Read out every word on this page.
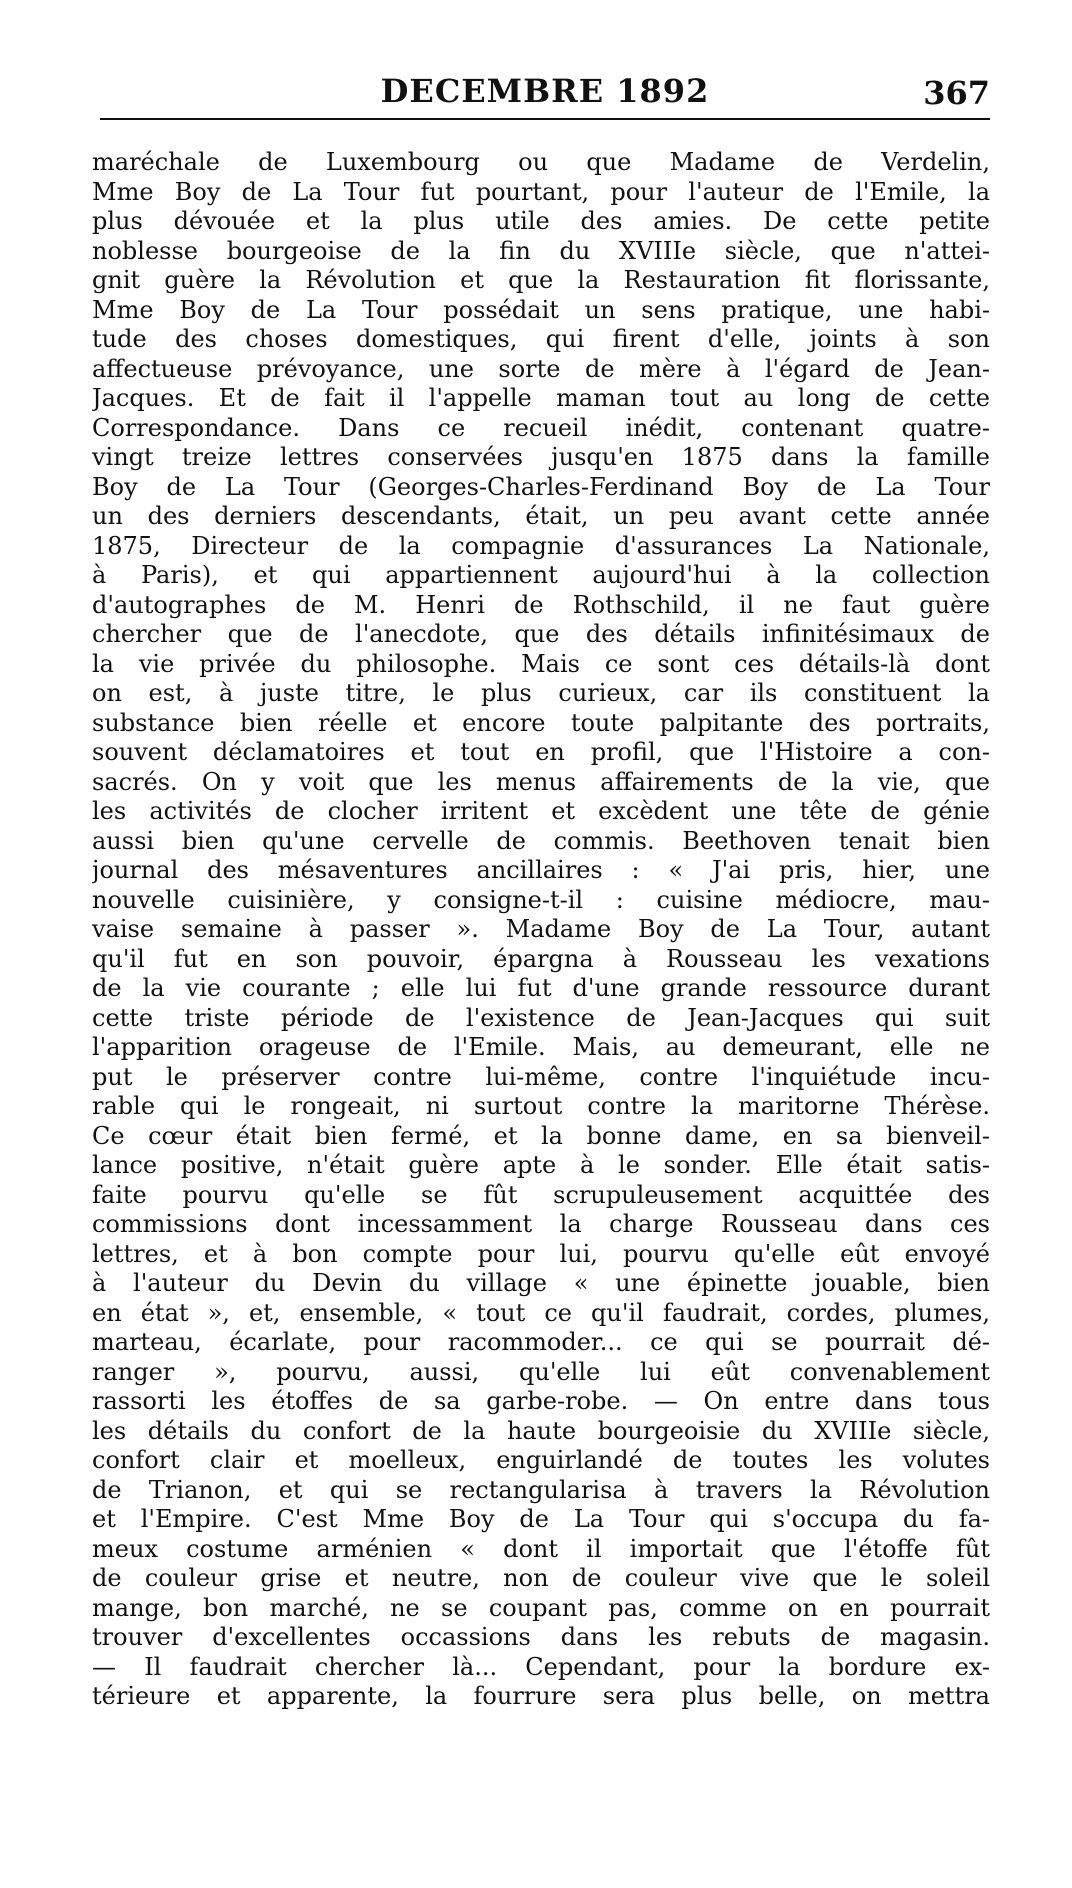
DECEMBRE 1892	367
maréchale de Luxembourg ou que Madame de Verdelin,
Mme Boy de La Tour fut pourtant, pour l'auteur de l'Emile, la
plus dévouée et la plus utile des amies. De cette petite
noblesse bourgeoise de la fin du XVIIIe siècle, que n'attei-
gnit guère la Révolution et que la Restauration fit florissante,
Mme Boy de La Tour possédait un sens pratique, une habi-
tude des choses domestiques, qui firent d'elle, joints à son
affectueuse prévoyance, une sorte de mère à l'égard de Jean-
Jacques. Et de fait il l'appelle maman tout au long de cette
Correspondance. Dans ce recueil inédit, contenant quatre-
vingt treize lettres conservées jusqu'en 1875 dans la famille
Boy de La Tour (Georges-Charles-Ferdinand Boy de La Tour
un des derniers descendants, était, un peu avant cette année
1875, Directeur de la compagnie d'assurances La Nationale,
à Paris), et qui appartiennent aujourd'hui à la collection
d'autographes de M. Henri de Rothschild, il ne faut guère
chercher que de l'anecdote, que des détails infinitésimaux de
la vie privée du philosophe. Mais ce sont ces détails-là dont
on est, à juste titre, le plus curieux, car ils constituent la
substance bien réelle et encore toute palpitante des portraits,
souvent déclamatoires et tout en profil, que l'Histoire a con-
sacrés. On y voit que les menus affairements de la vie, que
les activités de clocher irritent et excèdent une tête de génie
aussi bien qu'une cervelle de commis. Beethoven tenait bien
journal des mésaventures ancillaires : « J'ai pris, hier, une
nouvelle cuisinière, y consigne-t-il : cuisine médiocre, mau-
vaise semaine à passer ». Madame Boy de La Tour, autant
qu'il fut en son pouvoir, épargna à Rousseau les vexations
de la vie courante ; elle lui fut d'une grande ressource durant
cette triste période de l'existence de Jean-Jacques qui suit
l'apparition orageuse de l'Emile. Mais, au demeurant, elle ne
put le préserver contre lui-même, contre l'inquiétude incu-
rable qui le rongeait, ni surtout contre la maritorne Thérèse.
Ce cœur était bien fermé, et la bonne dame, en sa bienveil-
lance positive, n'était guère apte à le sonder. Elle était satis-
faite pourvu qu'elle se fût scrupuleusement acquittée des
commissions dont incessamment la charge Rousseau dans ces
lettres, et à bon compte pour lui, pourvu qu'elle eût envoyé
à l'auteur du Devin du village « une épinette jouable, bien
en état », et, ensemble, « tout ce qu'il faudrait, cordes, plumes,
marteau, écarlate, pour racommoder... ce qui se pourrait dé-
ranger », pourvu, aussi, qu'elle lui eût convenablement
rassorti les étoffes de sa garbe-robe. — On entre dans tous
les détails du confort de la haute bourgeoisie du XVIIIe siècle,
confort clair et moelleux, enguirlandé de toutes les volutes
de Trianon, et qui se rectangularisa à travers la Révolution
et l'Empire. C'est Mme Boy de La Tour qui s'occupa du fa-
meux costume arménien « dont il importait que l'étoffe fût
de couleur grise et neutre, non de couleur vive que le soleil
mange, bon marché, ne se coupant pas, comme on en pourrait
trouver d'excellentes occassions dans les rebuts de magasin.
— Il faudrait chercher là... Cependant, pour la bordure ex-
térieure et apparente, la fourrure sera plus belle, on mettra
